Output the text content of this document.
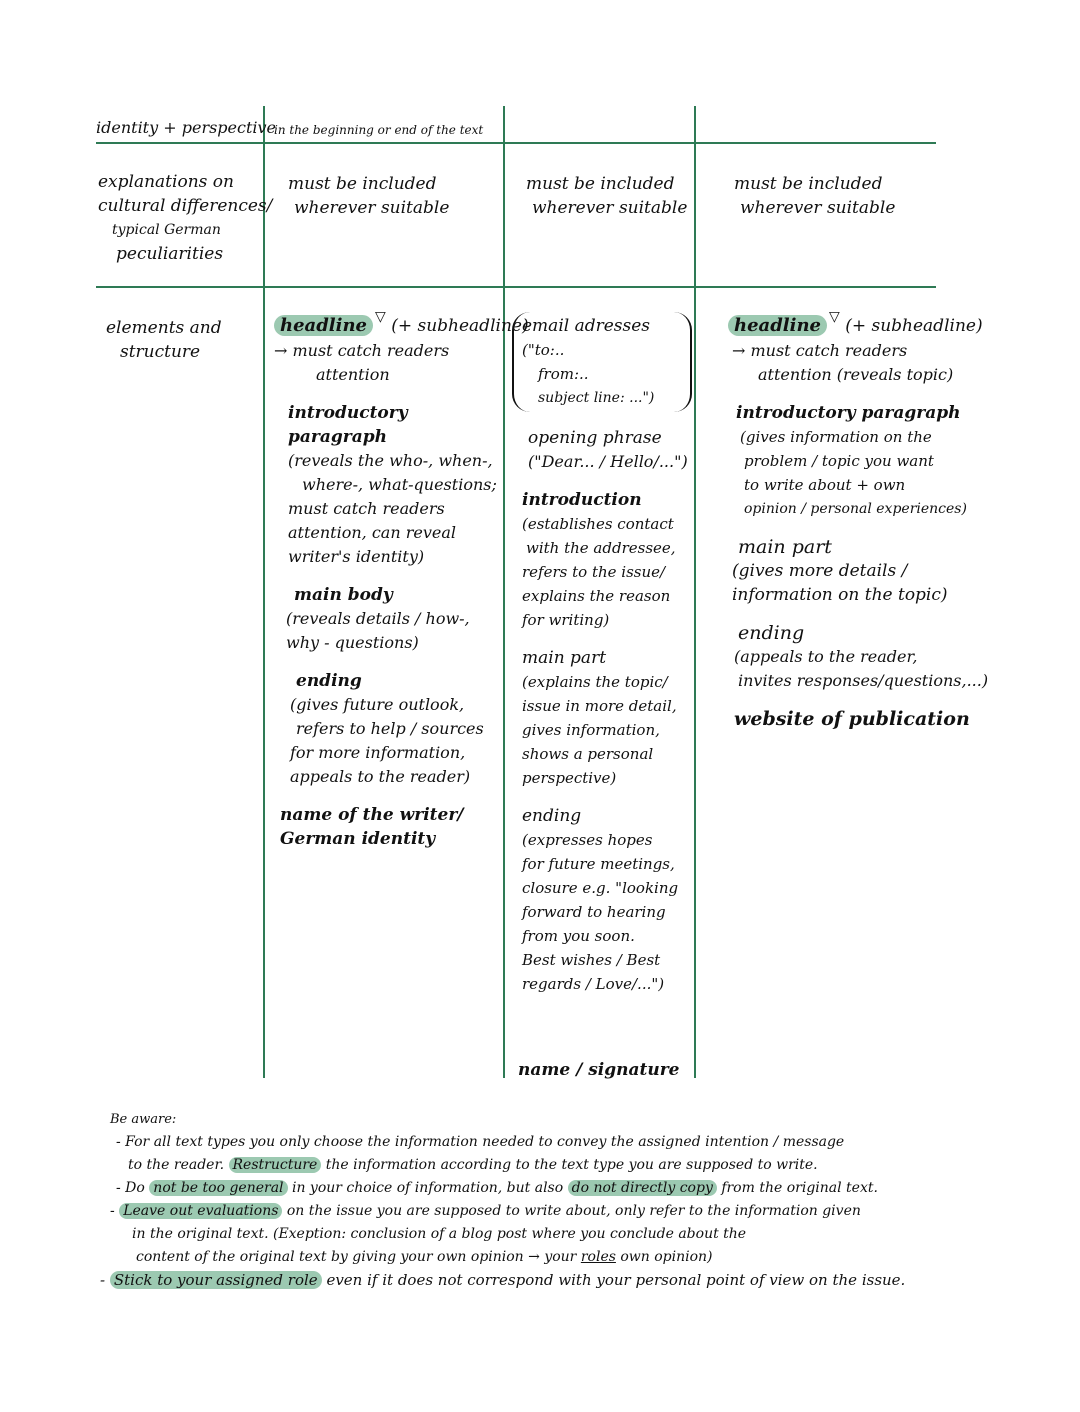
identity + perspective
in the beginning or end of the text
explanations on
cultural differences/
typical German
peculiarities
must be included
wherever suitable
must be included
wherever suitable
must be included
wherever suitable
elements and
structure
headline ▽ (+ subheadline)
→ must catch readers
attention
introductory paragraph
(reveals the who-, when-,
where-, what-questions;
must catch readers
attention, can reveal
writer's identity)
main body
(reveals details / how-,
why - questions)
ending
(gives future outlook,
refers to help / sources
for more information,
appeals to the reader)
name of the writer/
German identity
email adresses
("to:..
from:..
subject line: ...")
opening phrase
("Dear... / Hello/...")
introduction
(establishes contact
with the addressee,
refers to the issue/
explains the reason
for writing)
main part
(explains the topic/
issue in more detail,
gives information,
shows a personal
perspective)
ending
(expresses hopes
for future meetings,
closure e.g. "looking
forward to hearing
from you soon.
Best wishes / Best
regards / Love/...")
name / signature
headline ▽ (+ subheadline)
→ must catch readers
attention (reveals topic)
introductory paragraph
(gives information on the
problem / topic you want
to write about + own
opinion / personal experiences)
main part
(gives more details /
information on the topic)
ending
(appeals to the reader,
invites responses/questions,...)
website of publication

Be aware:

- For all text types you only choose the information needed to convey the assigned intention / message

to the reader. Restructure the information according to the text type you are supposed to write.

- Do not be too general in your choice of information, but also do not directly copy from the original text.

- Leave out evaluations on the issue you are supposed to write about, only refer to the information given

in the original text. (Exeption: conclusion of a blog post where you conclude about the

content of the original text by giving your own opinion → your roles own opinion)

- Stick to your assigned role even if it does not correspond with your personal point of view on the issue.
